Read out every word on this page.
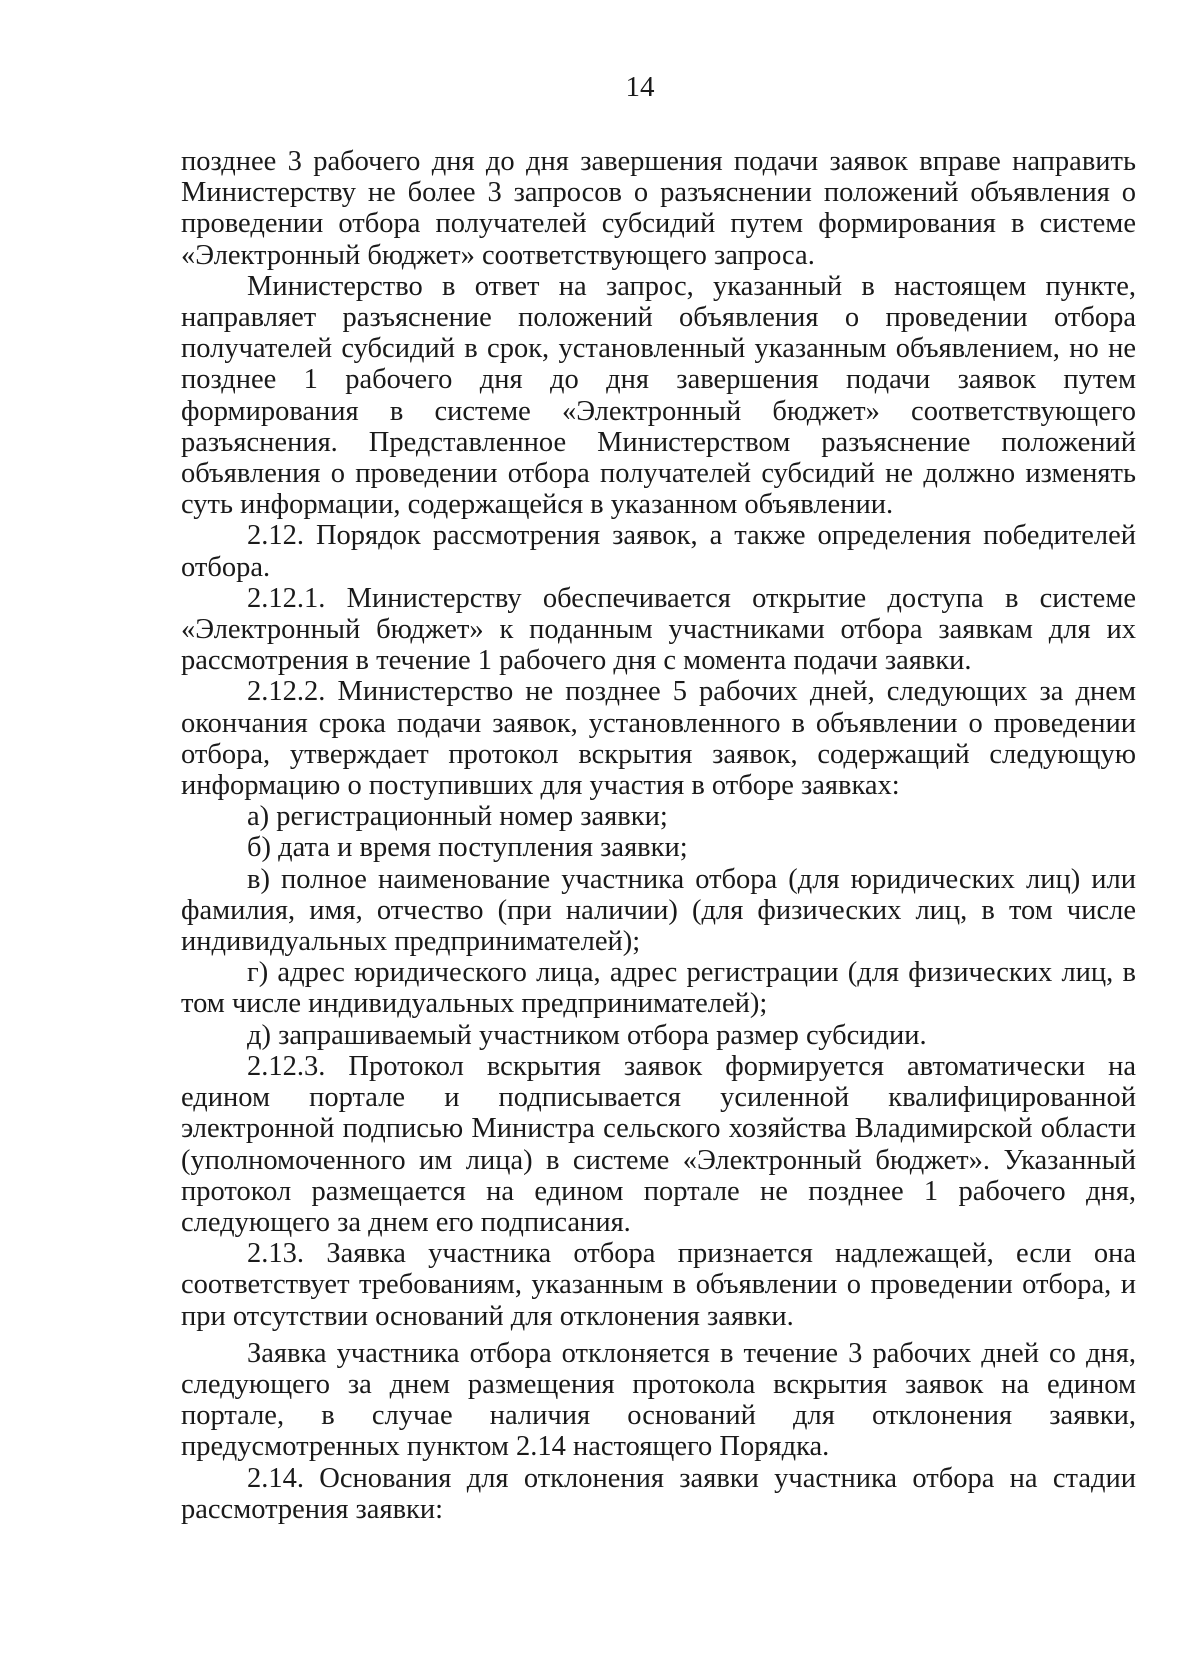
14

позднее 3 рабочего дня до дня завершения подачи заявок вправе направить Министерству не более 3 запросов о разъяснении положений объявления о проведении отбора получателей субсидий путем формирования в системе «Электронный бюджет» соответствующего запроса.

Министерство в ответ на запрос, указанный в настоящем пункте, направляет разъяснение положений объявления о проведении отбора получателей субсидий в срок, установленный указанным объявлением, но не позднее 1 рабочего дня до дня завершения подачи заявок путем формирования в системе «Электронный бюджет» соответствующего разъяснения. Представленное Министерством разъяснение положений объявления о проведении отбора получателей субсидий не должно изменять суть информации, содержащейся в указанном объявлении.

2.12. Порядок рассмотрения заявок, а также определения победителей отбора.

2.12.1. Министерству обеспечивается открытие доступа в системе «Электронный бюджет» к поданным участниками отбора заявкам для их рассмотрения в течение 1 рабочего дня с момента подачи заявки.

2.12.2. Министерство не позднее 5 рабочих дней, следующих за днем окончания срока подачи заявок, установленного в объявлении о проведении отбора, утверждает протокол вскрытия заявок, содержащий следующую информацию о поступивших для участия в отборе заявках:

а) регистрационный номер заявки;

б) дата и время поступления заявки;

в) полное наименование участника отбора (для юридических лиц) или фамилия, имя, отчество (при наличии) (для физических лиц, в том числе индивидуальных предпринимателей);

г) адрес юридического лица, адрес регистрации (для физических лиц, в том числе индивидуальных предпринимателей);

д) запрашиваемый участником отбора размер субсидии.

2.12.3. Протокол вскрытия заявок формируется автоматически на едином портале и подписывается усиленной квалифицированной электронной подписью Министра сельского хозяйства Владимирской области (уполномоченного им лица) в системе «Электронный бюджет». Указанный протокол размещается на едином портале не позднее 1 рабочего дня, следующего за днем его подписания.

2.13. Заявка участника отбора признается надлежащей, если она соответствует требованиям, указанным в объявлении о проведении отбора, и при отсутствии оснований для отклонения заявки.

Заявка участника отбора отклоняется в течение 3 рабочих дней со дня, следующего за днем размещения протокола вскрытия заявок на едином портале, в случае наличия оснований для отклонения заявки, предусмотренных пунктом 2.14 настоящего Порядка.

2.14. Основания для отклонения заявки участника отбора на стадии рассмотрения заявки:
